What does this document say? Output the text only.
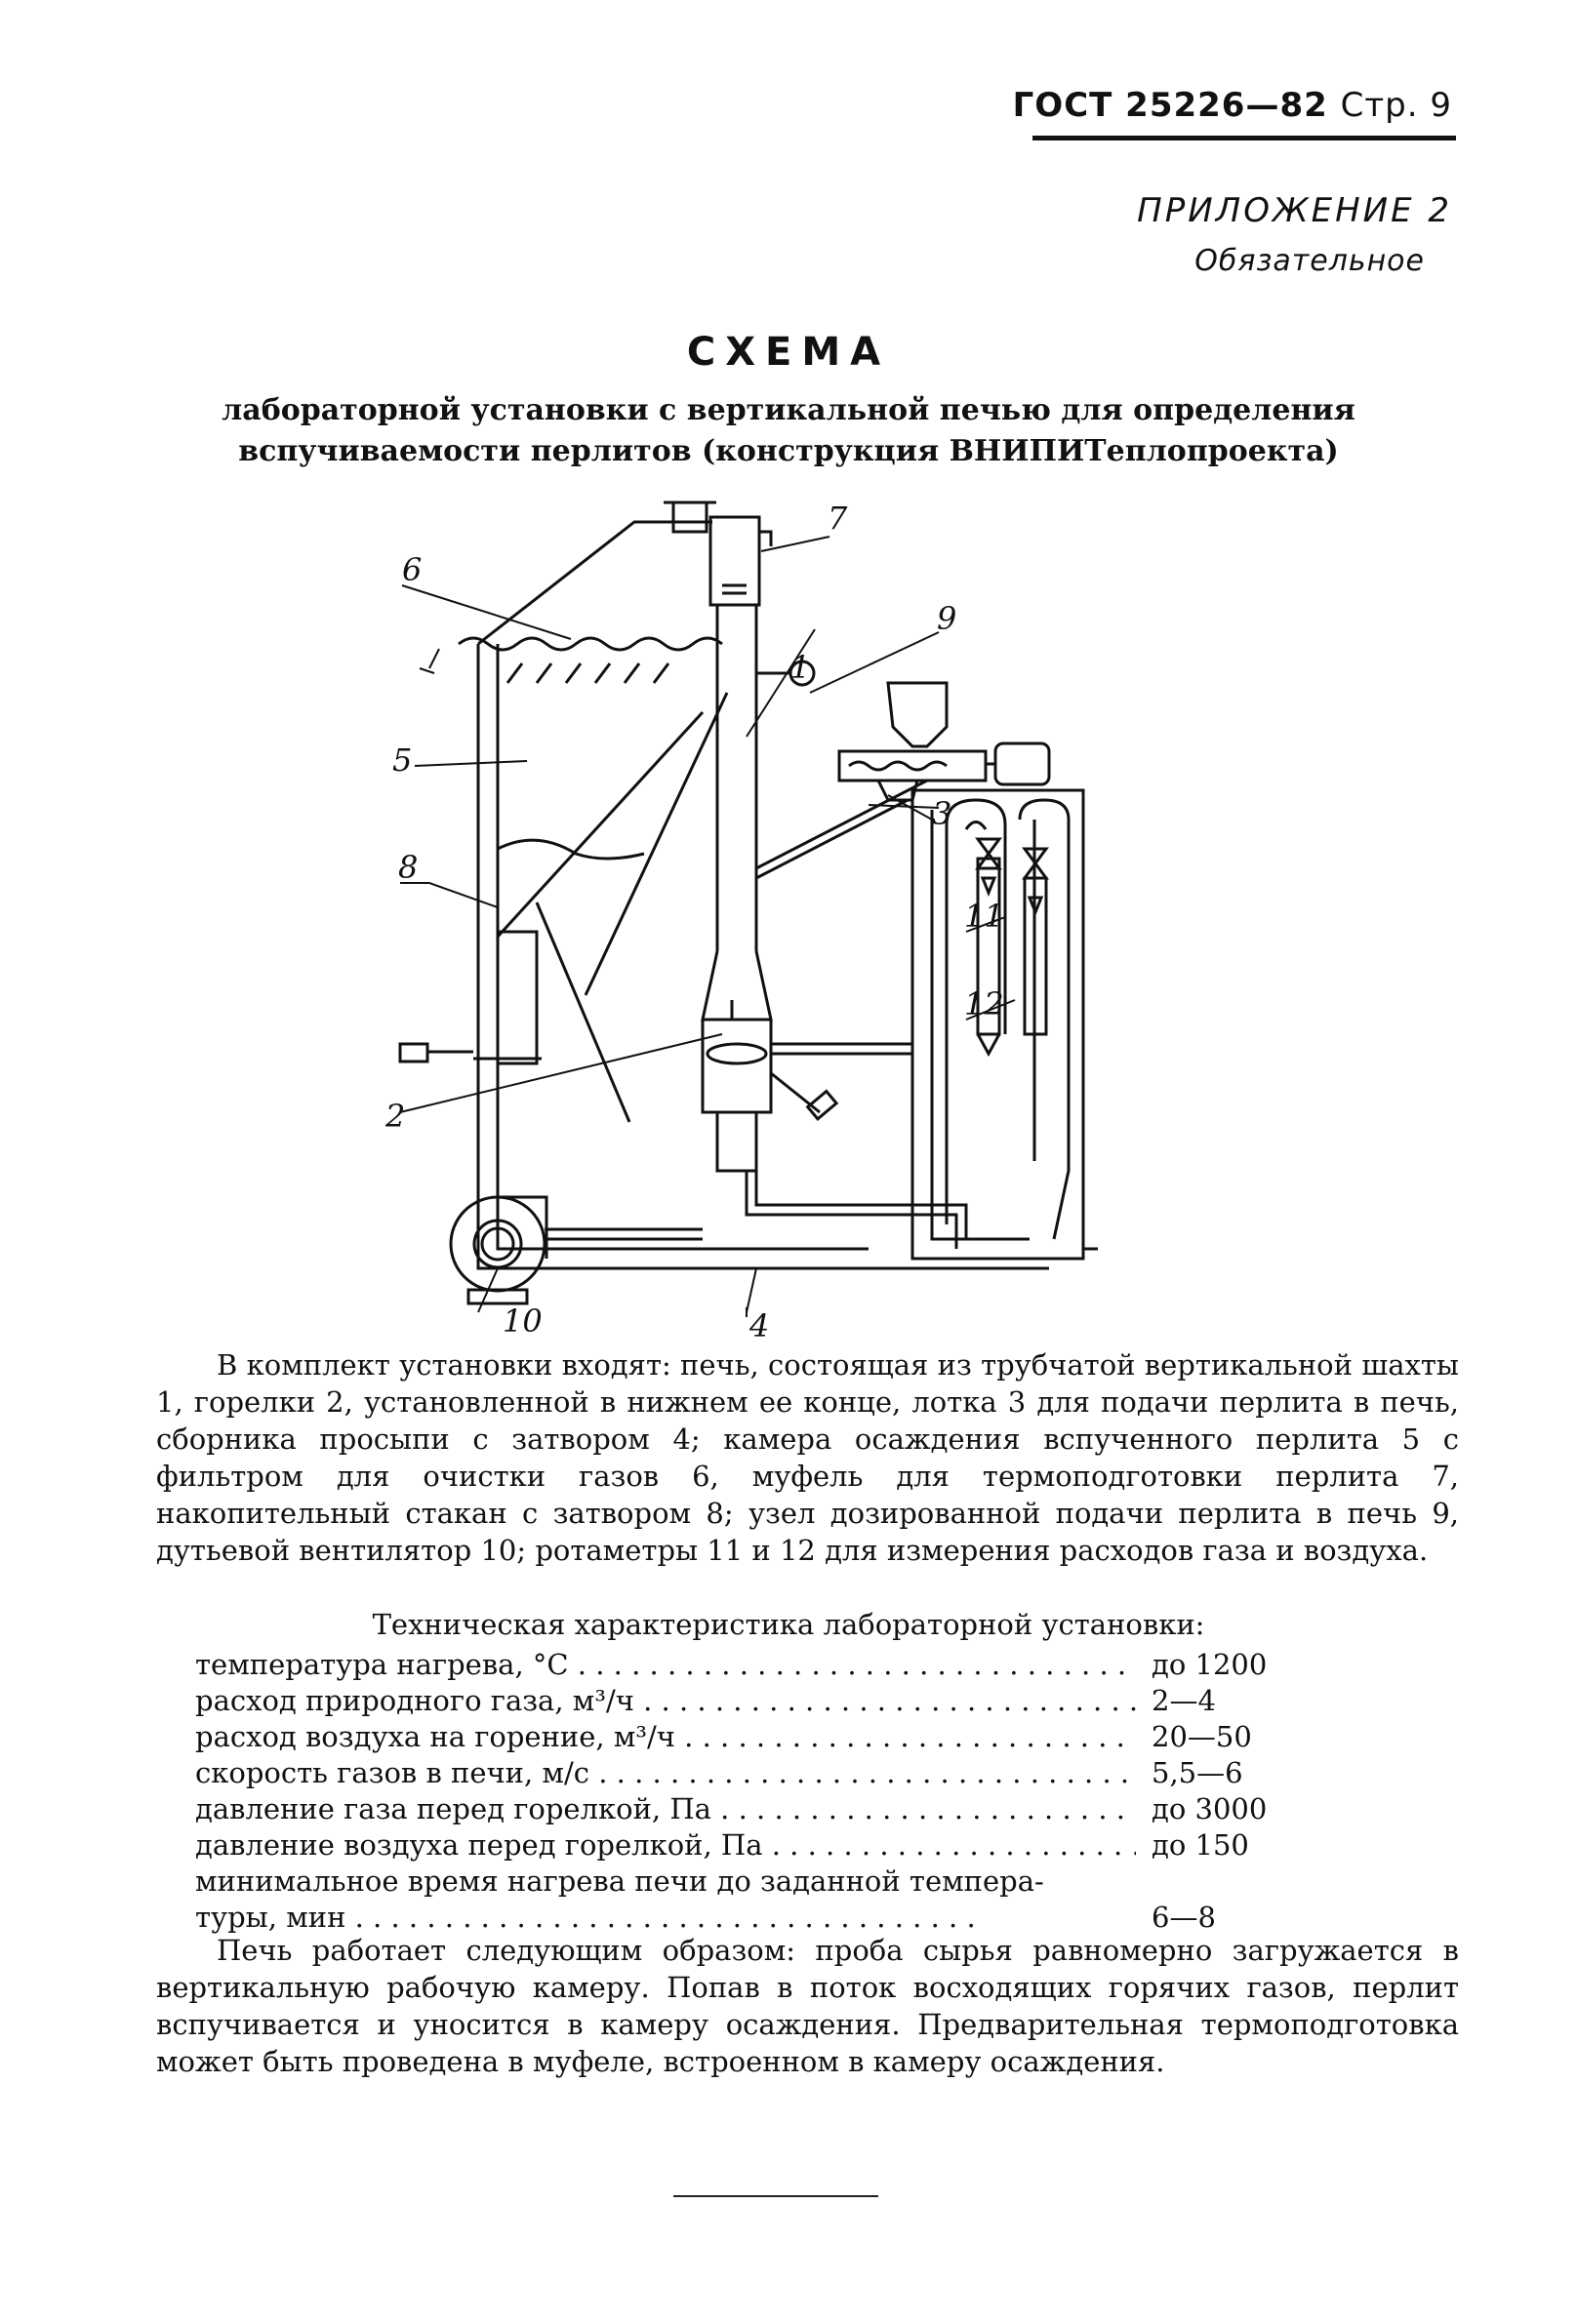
ГОСТ 25226—82 Стр. 9
ПРИЛОЖЕНИЕ 2
Обязательное
СХЕМА
лабораторной установки с вертикальной печью для определения
вспучиваемости перлитов (конструкция ВНИПИТеплопроекта)
1
2
3
4
5
6
7
8
9
10
11
12
В комплект установки входят: печь, состоящая из трубчатой вертикальной шахты 1, горелки 2, установленной в нижнем ее конце, лотка 3 для подачи перлита в печь, сборника просыпи с затвором 4; камера осаждения вспученного перлита 5 с фильтром для очистки газов 6, муфель для термоподготовки перлита 7, накопительный стакан с затвором 8; узел дозированной подачи перлита в печь 9, дутьевой вентилятор 10; ротаметры 11 и 12 для измерения расходов газа и воздуха.
Техническая характеристика лабораторной установки:
температура нагрева, °С . . .	до 1200
расход природного газа, м³/ч . . .	2—4
расход воздуха на горение, м³/ч . . .	20—50
скорость газов в печи, м/с . . .	5,5—6
давление газа перед горелкой, Па . . .	до 3000
давление воздуха перед горелкой, Па . . .	до 150
минимальное время нагрева печи до заданной темпера-
туры, мин . . .	6—8
Печь работает следующим образом: проба сырья равномерно загружается в вертикальную рабочую камеру. Попав в поток восходящих горячих газов, перлит вспучивается и уносится в камеру осаждения. Предварительная термоподготовка может быть проведена в муфеле, встроенном в камеру осаждения.
